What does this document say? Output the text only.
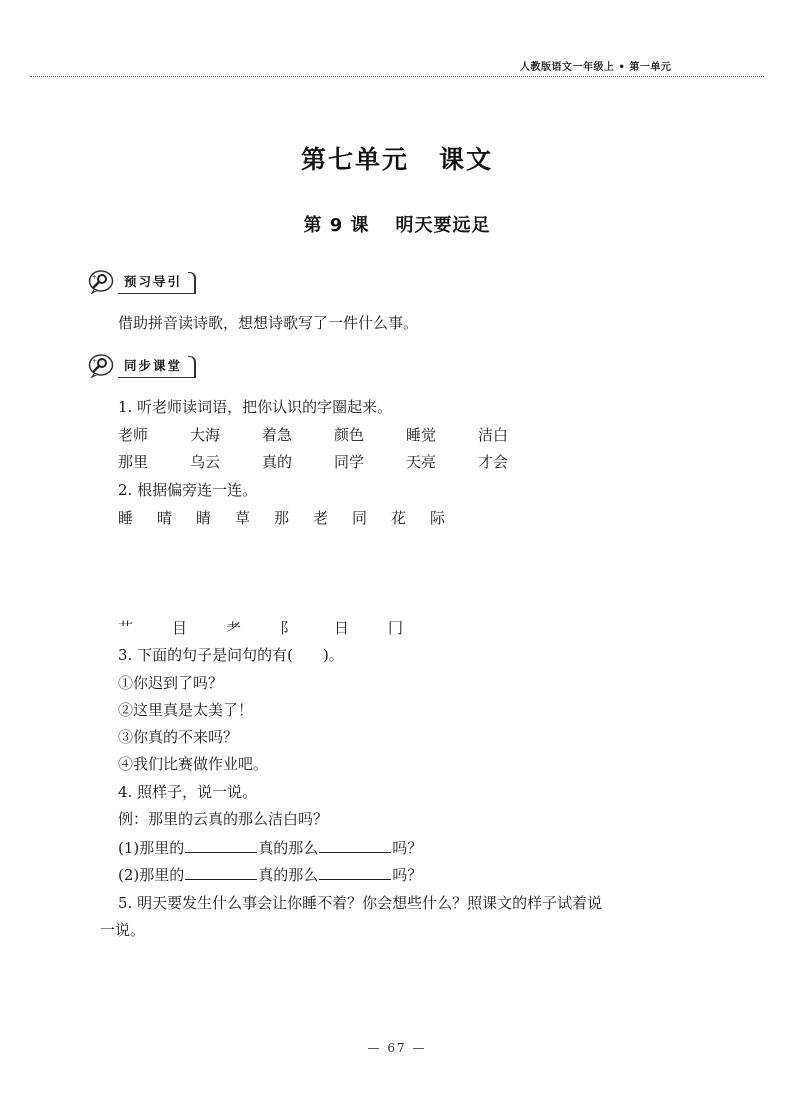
人教版语文一年级上 • 第一单元
第七单元 课文
第 9 课 明天要远足
+	预习导引
借助拼音读诗歌，想想诗歌写了一件什么事。
+	同步课堂
1. 听老师读词语，把你认识的字圈起来。
老师	大海	着急	颜色	睡觉	洁白
那里	乌云	真的	同学	天亮	才会
2. 根据偏旁连一连。
睡	晴	睛	草	那	老	同	花	际
艹	目	耂	阝	日	冂
3. 下面的句子是问句的有( )。
①你迟到了吗？
②这里真是太美了！
③你真的不来吗？
④我们比赛做作业吧。
4. 照样子，说一说。
例：那里的云真的那么洁白吗？
(1)那里的	真的那么	吗？
(2)那里的	真的那么	吗？
5. 明天要发生什么事会让你睡不着？你会想些什么？照课文的样子试着说
一说。
— 67 —
